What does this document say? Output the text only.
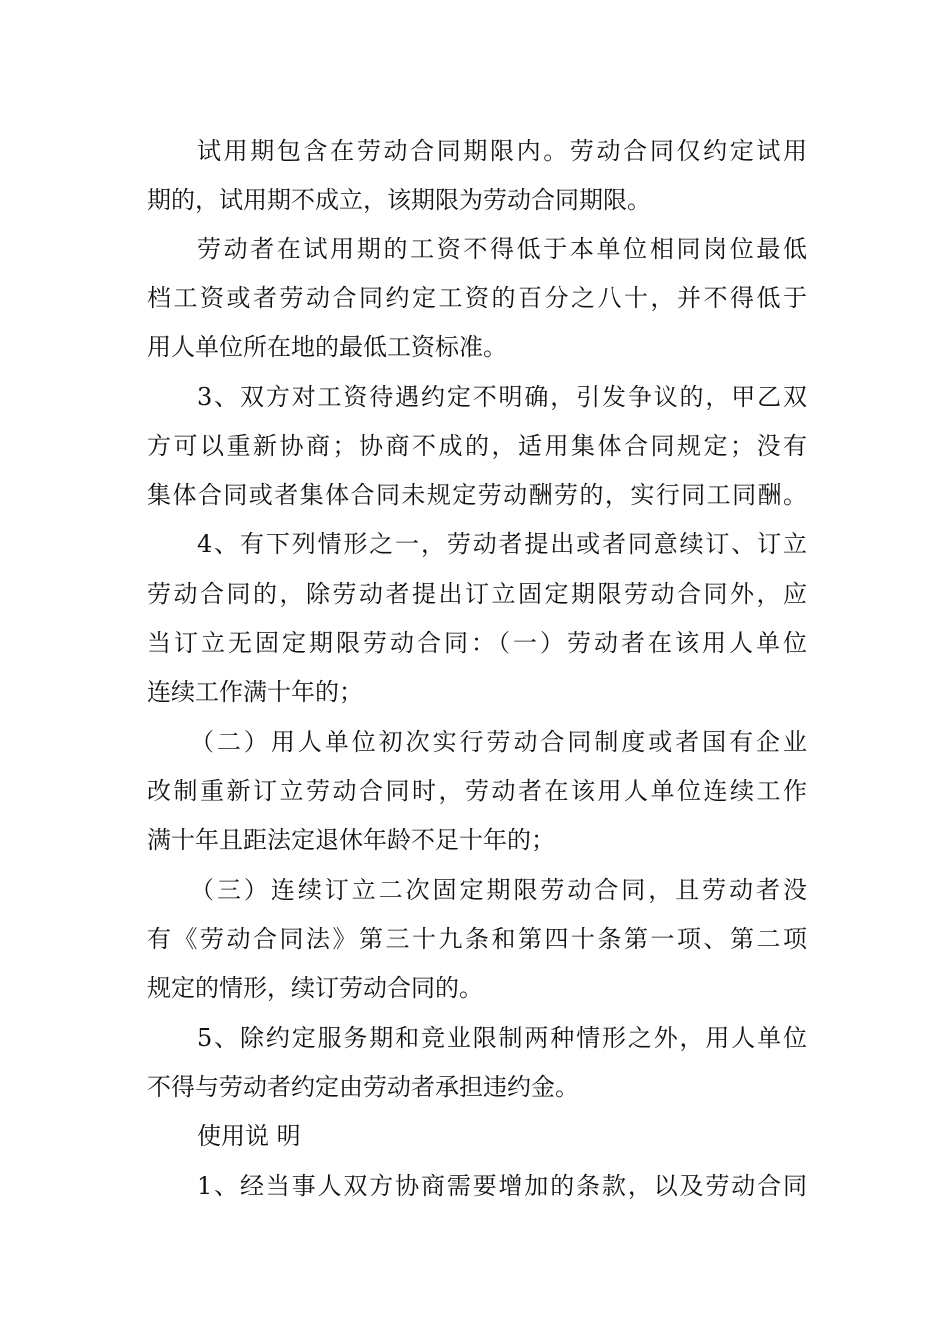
试用期包含在劳动合同期限内。劳动合同仅约定试用
期的，试用期不成立，该期限为劳动合同期限。
劳动者在试用期的工资不得低于本单位相同岗位最低
档工资或者劳动合同约定工资的百分之八十，并不得低于
用人单位所在地的最低工资标准。
3、双方对工资待遇约定不明确，引发争议的，甲乙双
方可以重新协商；协商不成的，适用集体合同规定；没有
集体合同或者集体合同未规定劳动酬劳的，实行同工同酬。
4、有下列情形之一，劳动者提出或者同意续订、订立
劳动合同的，除劳动者提出订立固定期限劳动合同外，应
当订立无固定期限劳动合同：（一）劳动者在该用人单位
连续工作满十年的；
（二）用人单位初次实行劳动合同制度或者国有企业
改制重新订立劳动合同时，劳动者在该用人单位连续工作
满十年且距法定退休年龄不足十年的；
（三）连续订立二次固定期限劳动合同，且劳动者没
有《劳动合同法》第三十九条和第四十条第一项、第二项
规定的情形，续订劳动合同的。
5、除约定服务期和竞业限制两种情形之外，用人单位
不得与劳动者约定由劳动者承担违约金。
使用说 明
1、经当事人双方协商需要增加的条款，以及劳动合同
